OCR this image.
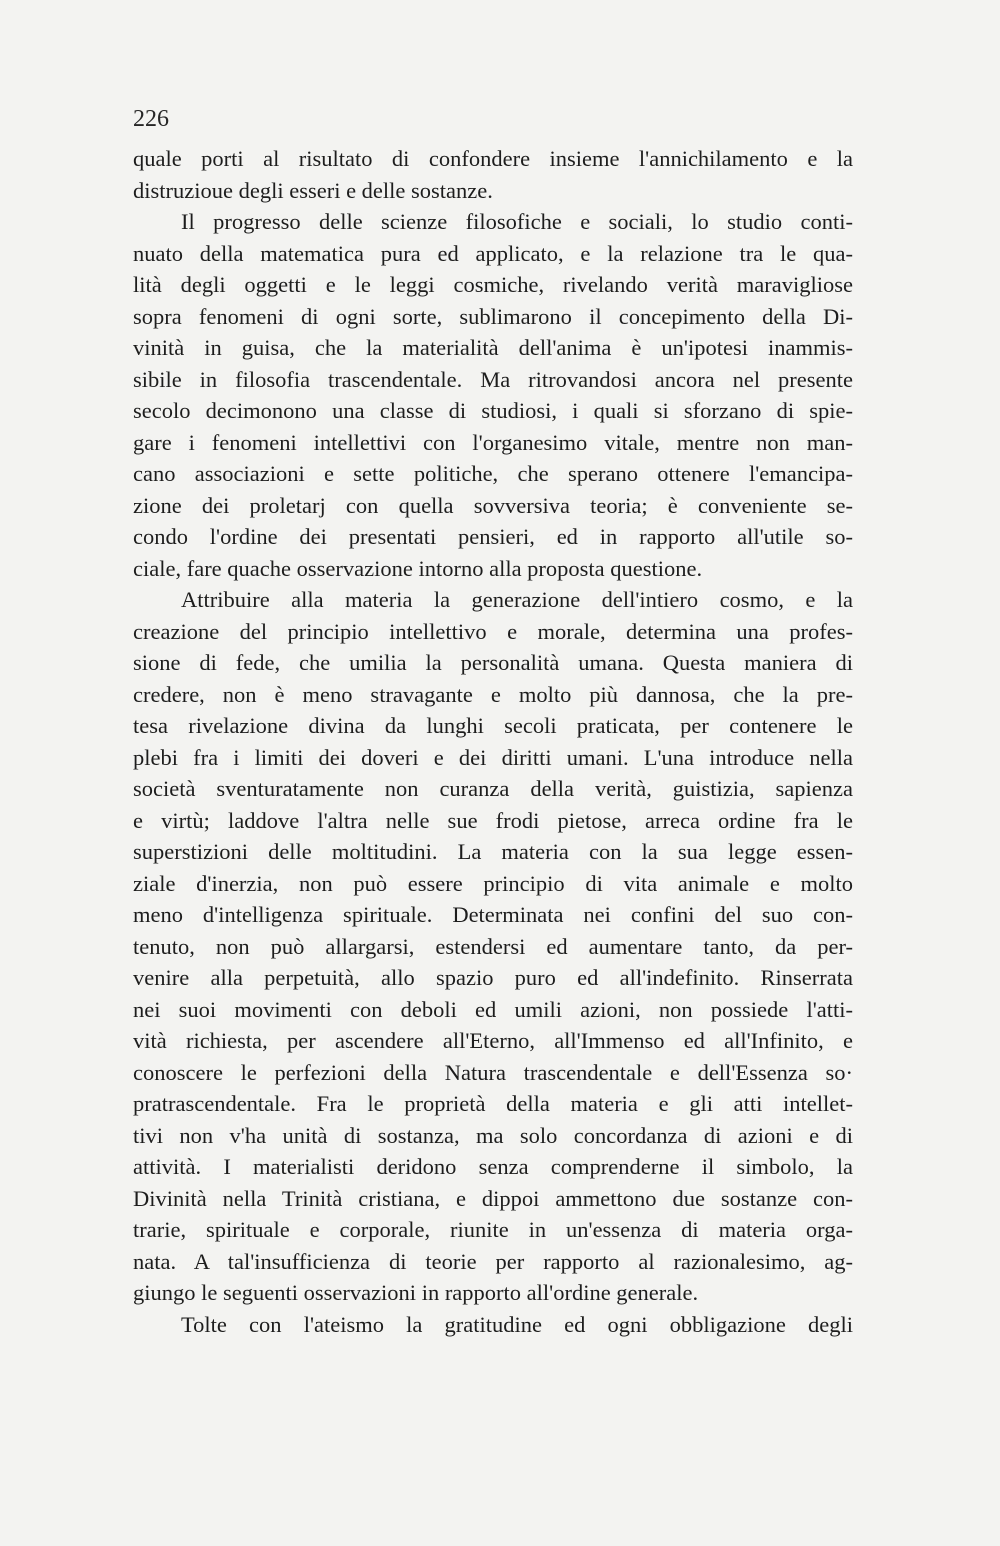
226
quale porti al risultato di confondere insieme l'annichilamento e la
distruzioue degli esseri e delle sostanze.
Il progresso delle scienze filosofiche e sociali, lo studio conti-
nuato della matematica pura ed applicato, e la relazione tra le qua-
lità degli oggetti e le leggi cosmiche, rivelando verità maravigliose
sopra fenomeni di ogni sorte, sublimarono il concepimento della Di-
vinità in guisa, che la materialità dell'anima è un'ipotesi inammis-
sibile in filosofia trascendentale. Ma ritrovandosi ancora nel presente
secolo decimonono una classe di studiosi, i quali si sforzano di spie-
gare i fenomeni intellettivi con l'organesimo vitale, mentre non man-
cano associazioni e sette politiche, che sperano ottenere l'emancipa-
zione dei proletarj con quella sovversiva teoria; è conveniente se-
condo l'ordine dei presentati pensieri, ed in rapporto all'utile so-
ciale, fare quache osservazione intorno alla proposta questione.
Attribuire alla materia la generazione dell'intiero cosmo, e la
creazione del principio intellettivo e morale, determina una profes-
sione di fede, che umilia la personalità umana. Questa maniera di
credere, non è meno stravagante e molto più dannosa, che la pre-
tesa rivelazione divina da lunghi secoli praticata, per contenere le
plebi fra i limiti dei doveri e dei diritti umani. L'una introduce nella
società sventuratamente non curanza della verità, guistizia, sapienza
e virtù; laddove l'altra nelle sue frodi pietose, arreca ordine fra le
superstizioni delle moltitudini. La materia con la sua legge essen-
ziale d'inerzia, non può essere principio di vita animale e molto
meno d'intelligenza spirituale. Determinata nei confini del suo con-
tenuto, non può allargarsi, estendersi ed aumentare tanto, da per-
venire alla perpetuità, allo spazio puro ed all'indefinito. Rinserrata
nei suoi movimenti con deboli ed umili azioni, non possiede l'atti-
vità richiesta, per ascendere all'Eterno, all'Immenso ed all'Infinito, e
conoscere le perfezioni della Natura trascendentale e dell'Essenza so·
pratrascendentale. Fra le proprietà della materia e gli atti intellet-
tivi non v'ha unità di sostanza, ma solo concordanza di azioni e di
attività. I materialisti deridono senza comprenderne il simbolo, la
Divinità nella Trinità cristiana, e dippoi ammettono due sostanze con-
trarie, spirituale e corporale, riunite in un'essenza di materia orga-
nata. A tal'insufficienza di teorie per rapporto al razionalesimo, ag-
giungo le seguenti osservazioni in rapporto all'ordine generale.
Tolte con l'ateismo la gratitudine ed ogni obbligazione degli
